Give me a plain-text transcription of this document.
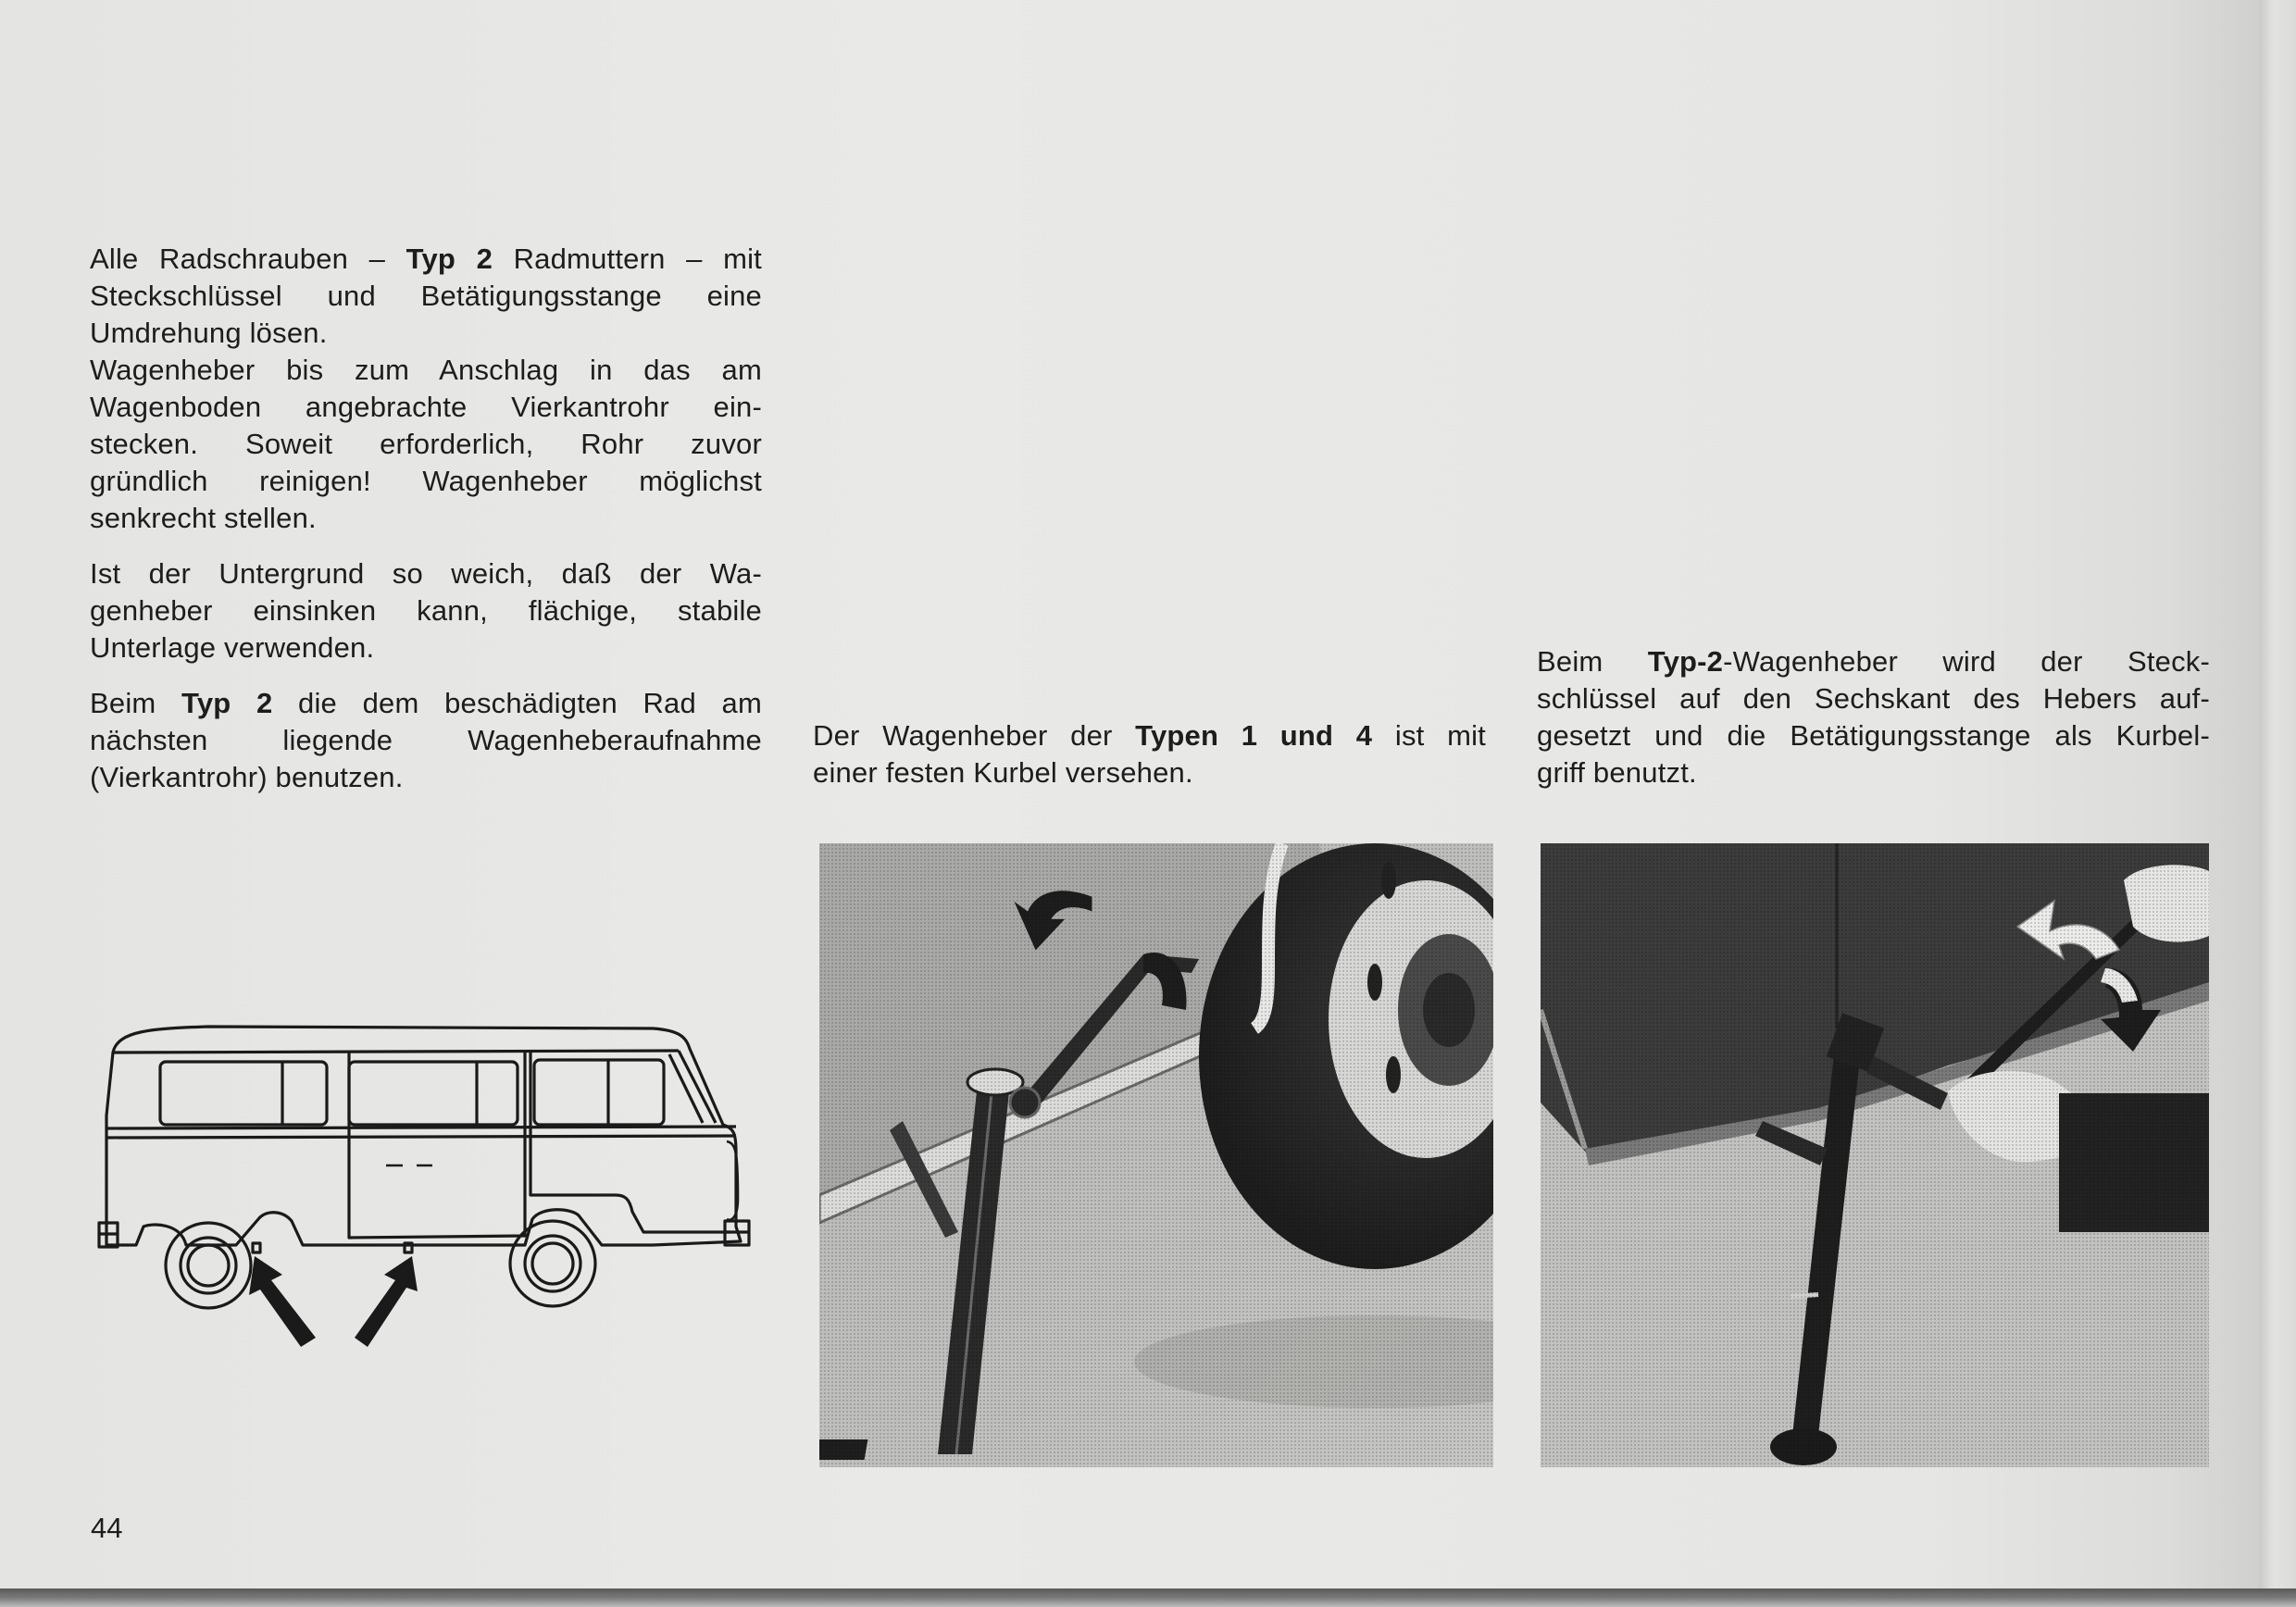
Alle Radschrauben – Typ 2 Radmuttern – mit
Steckschlüssel und Betätigungsstange eine
Umdrehung lösen.
Wagenheber bis zum Anschlag in das am
Wagenboden angebrachte Vierkantrohr ein-
stecken. Soweit erforderlich, Rohr zuvor
gründlich reinigen! Wagenheber möglichst
senkrecht stellen.
Ist der Untergrund so weich, daß der Wa-
genheber einsinken kann, flächige, stabile
Unterlage verwenden.
Beim Typ 2 die dem beschädigten Rad am
nächsten liegende Wagenheberaufnahme
(Vierkantrohr) benutzen.
Der Wagenheber der Typen 1 und 4 ist mit
einer festen Kurbel versehen.
Beim Typ-2-Wagenheber wird der Steck-
schlüssel auf den Sechskant des Hebers auf-
gesetzt und die Betätigungsstange als Kurbel-
griff benutzt.
44
